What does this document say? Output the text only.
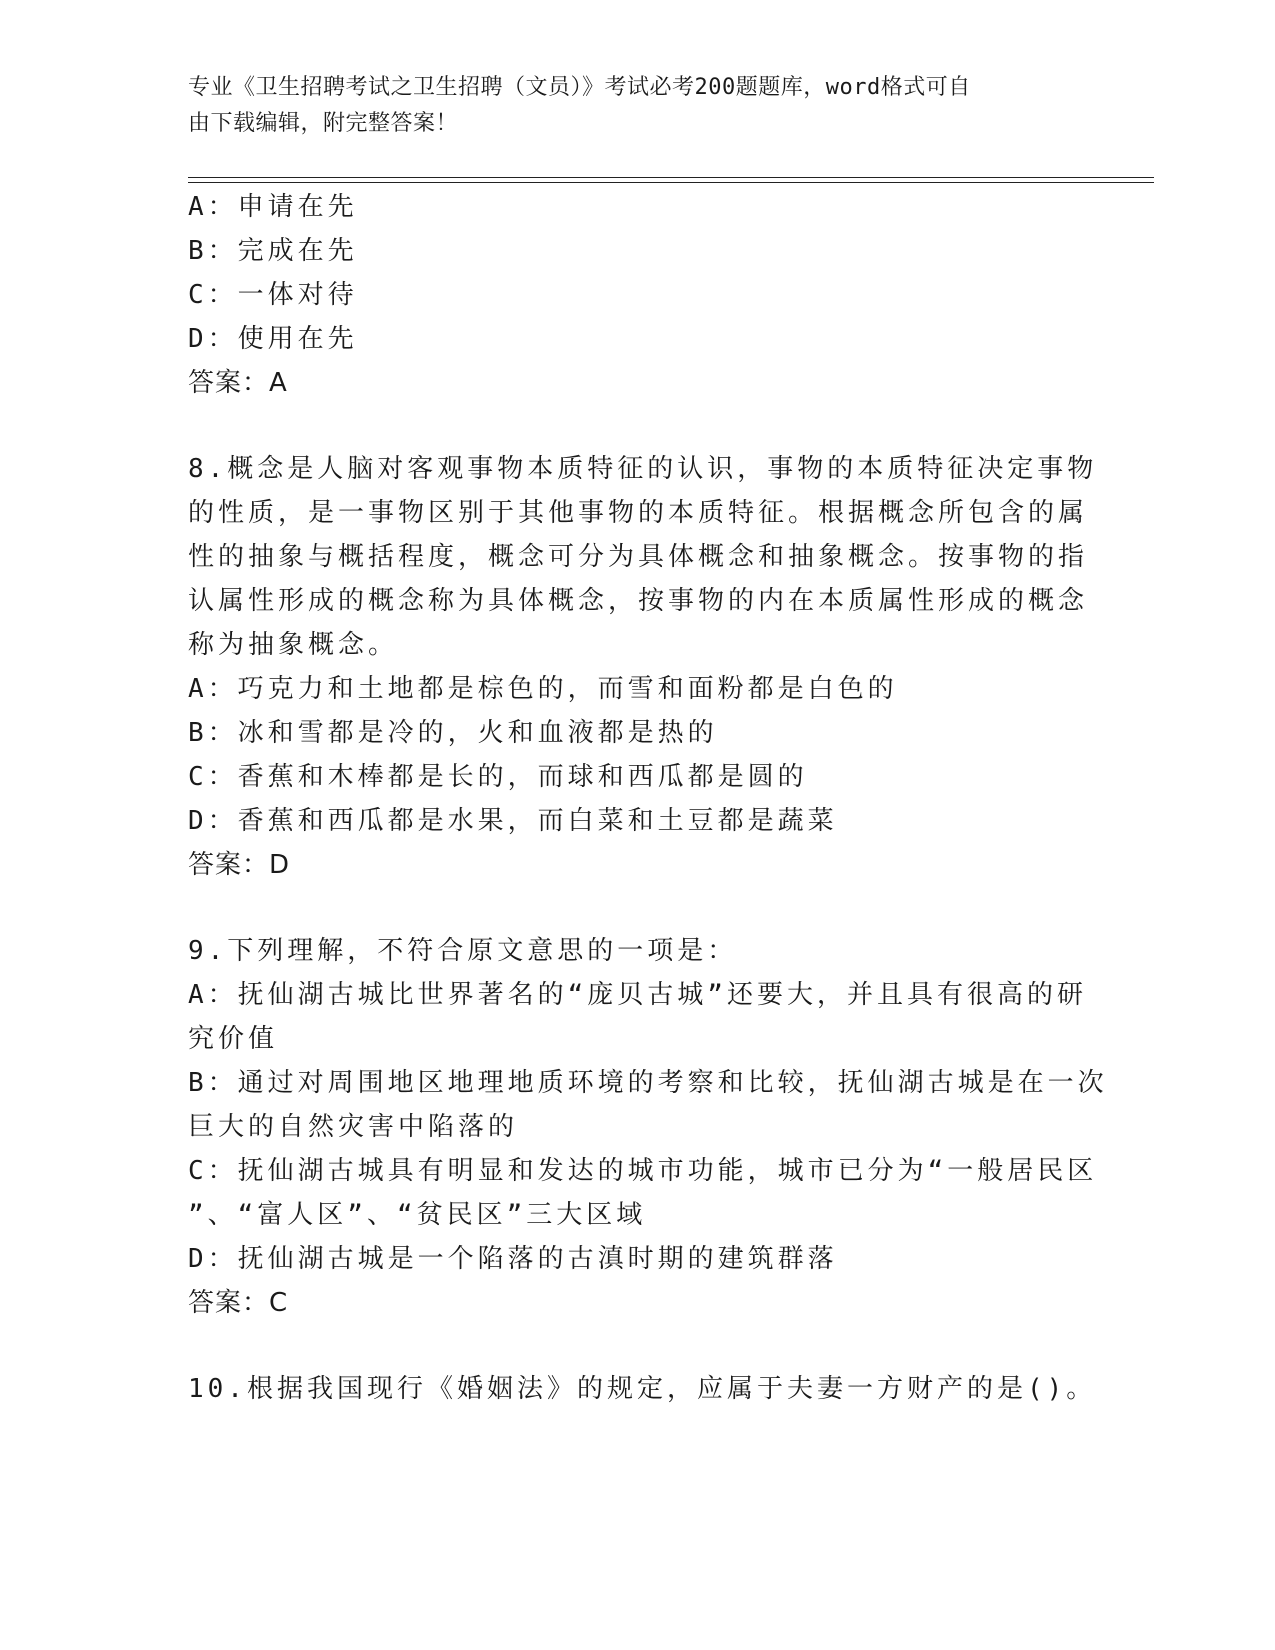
专业《卫生招聘考试之卫生招聘（文员）》考试必考200题题库，word格式可自
由下载编辑，附完整答案！
A：申请在先
B：完成在先
C：一体对待
D：使用在先
答案：A
8.概念是人脑对客观事物本质特征的认识，事物的本质特征决定事物
的性质，是一事物区别于其他事物的本质特征。根据概念所包含的属
性的抽象与概括程度，概念可分为具体概念和抽象概念。按事物的指
认属性形成的概念称为具体概念，按事物的内在本质属性形成的概念
称为抽象概念。
A：巧克力和土地都是棕色的，而雪和面粉都是白色的
B：冰和雪都是冷的，火和血液都是热的
C：香蕉和木棒都是长的，而球和西瓜都是圆的
D：香蕉和西瓜都是水果，而白菜和土豆都是蔬菜
答案：D
9.下列理解，不符合原文意思的一项是：
A：抚仙湖古城比世界著名的“庞贝古城”还要大，并且具有很高的研
究价值
B：通过对周围地区地理地质环境的考察和比较，抚仙湖古城是在一次
巨大的自然灾害中陷落的
C：抚仙湖古城具有明显和发达的城市功能，城市已分为“一般居民区
”、“富人区”、“贫民区”三大区域
D：抚仙湖古城是一个陷落的古滇时期的建筑群落
答案：C
10.根据我国现行《婚姻法》的规定，应属于夫妻一方财产的是()。
